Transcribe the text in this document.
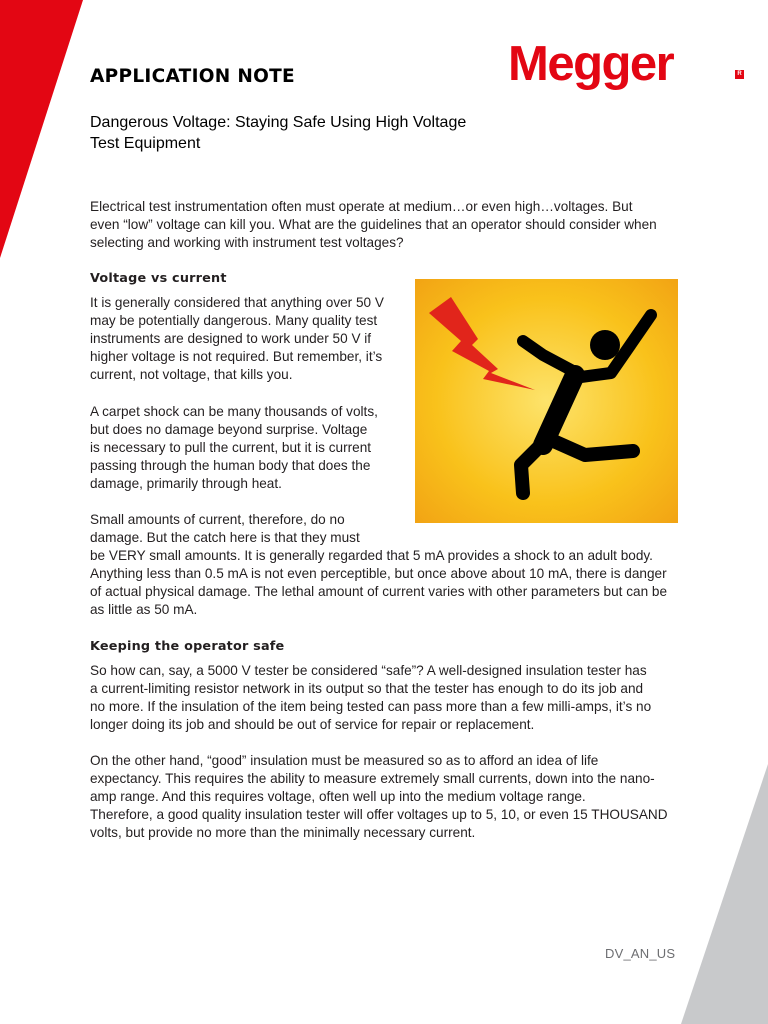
Megger	R
APPLICATION NOTE
Dangerous Voltage: Staying Safe Using High Voltage
Test Equipment

Electrical test instrumentation often must operate at medium…or even high…voltages. But
even “low” voltage can kill you. What are the guidelines that an operator should consider when
selecting and working with instrument test voltages?

Voltage vs current

It is generally considered that anything over 50 V
may be potentially dangerous. Many quality test
instruments are designed to work under 50 V if
higher voltage is not required. But remember, it’s
current, not voltage, that kills you.

A carpet shock can be many thousands of volts,
but does no damage beyond surprise. Voltage
is necessary to pull the current, but it is current
passing through the human body that does the
damage, primarily through heat.

Small amounts of current, therefore, do no
damage. But the catch here is that they must
be VERY small amounts. It is generally regarded that 5 mA provides a shock to an adult body.
Anything less than 0.5 mA is not even perceptible, but once above about 10 mA, there is danger
of actual physical damage. The lethal amount of current varies with other parameters but can be
as little as 50 mA.

Keeping the operator safe

So how can, say, a 5000 V tester be considered “safe”? A well-designed insulation tester has
a current-limiting resistor network in its output so that the tester has enough to do its job and
no more. If the insulation of the item being tested can pass more than a few milli-amps, it’s no
longer doing its job and should be out of service for repair or replacement.

On the other hand, “good” insulation must be measured so as to afford an idea of life
expectancy. This requires the ability to measure extremely small currents, down into the nano-
amp range. And this requires voltage, often well up into the medium voltage range.
Therefore, a good quality insulation tester will offer voltages up to 5, 10, or even 15 THOUSAND
volts, but provide no more than the minimally necessary current.

DV_AN_US
